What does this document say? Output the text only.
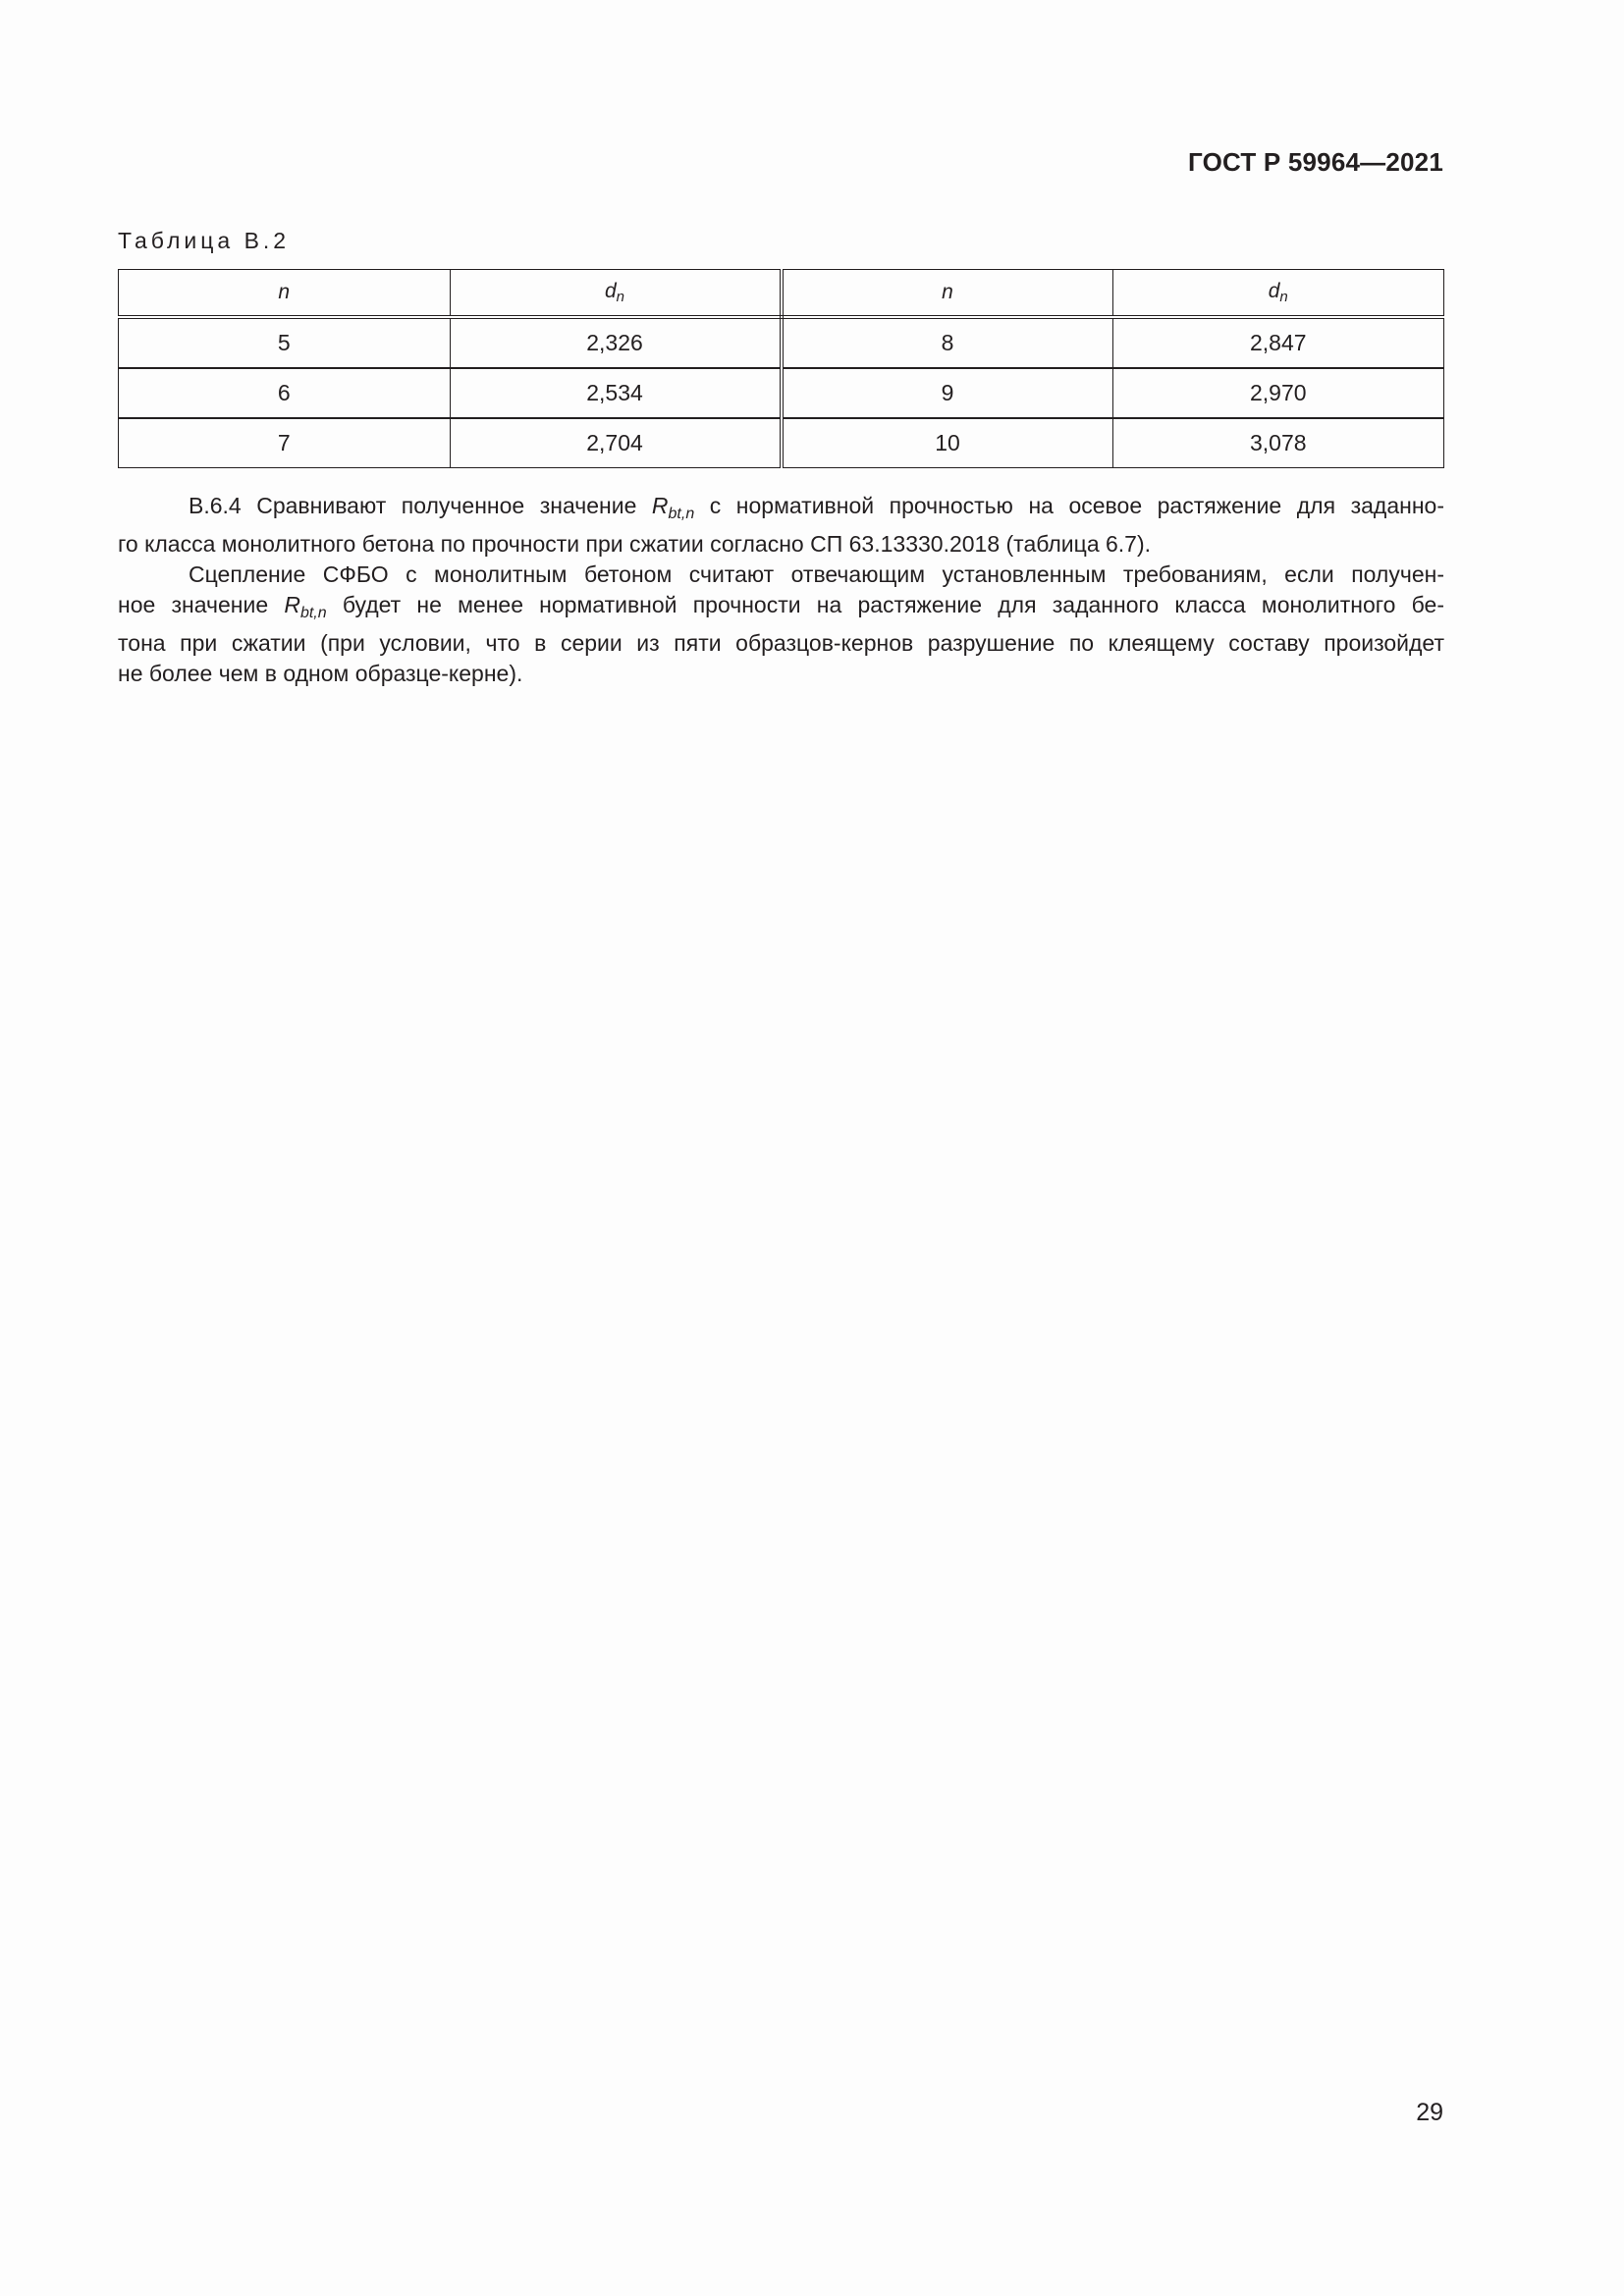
ГОСТ Р 59964—2021
Таблица В.2
n	$d_n$	n	$d_n$
5	2,326	8	2,847
6	2,534	9	2,970
7	2,704	10	3,078

В.6.4 Сравнивают полученное значение $R_{bt,n}$ с нормативной прочностью на осевое растяжение для заданно-
го класса монолитного бетона по прочности при сжатии согласно СП 63.13330.2018 (таблица 6.7).

Сцепление СФБО с монолитным бетоном считают отвечающим установленным требованиям, если получен-
ное значение $R_{bt,n}$ будет не менее нормативной прочности на растяжение для заданного класса монолитного бе-
тона при сжатии (при условии, что в серии из пяти образцов-кернов разрушение по клеящему составу произойдет
не более чем в одном образце-керне).

29
